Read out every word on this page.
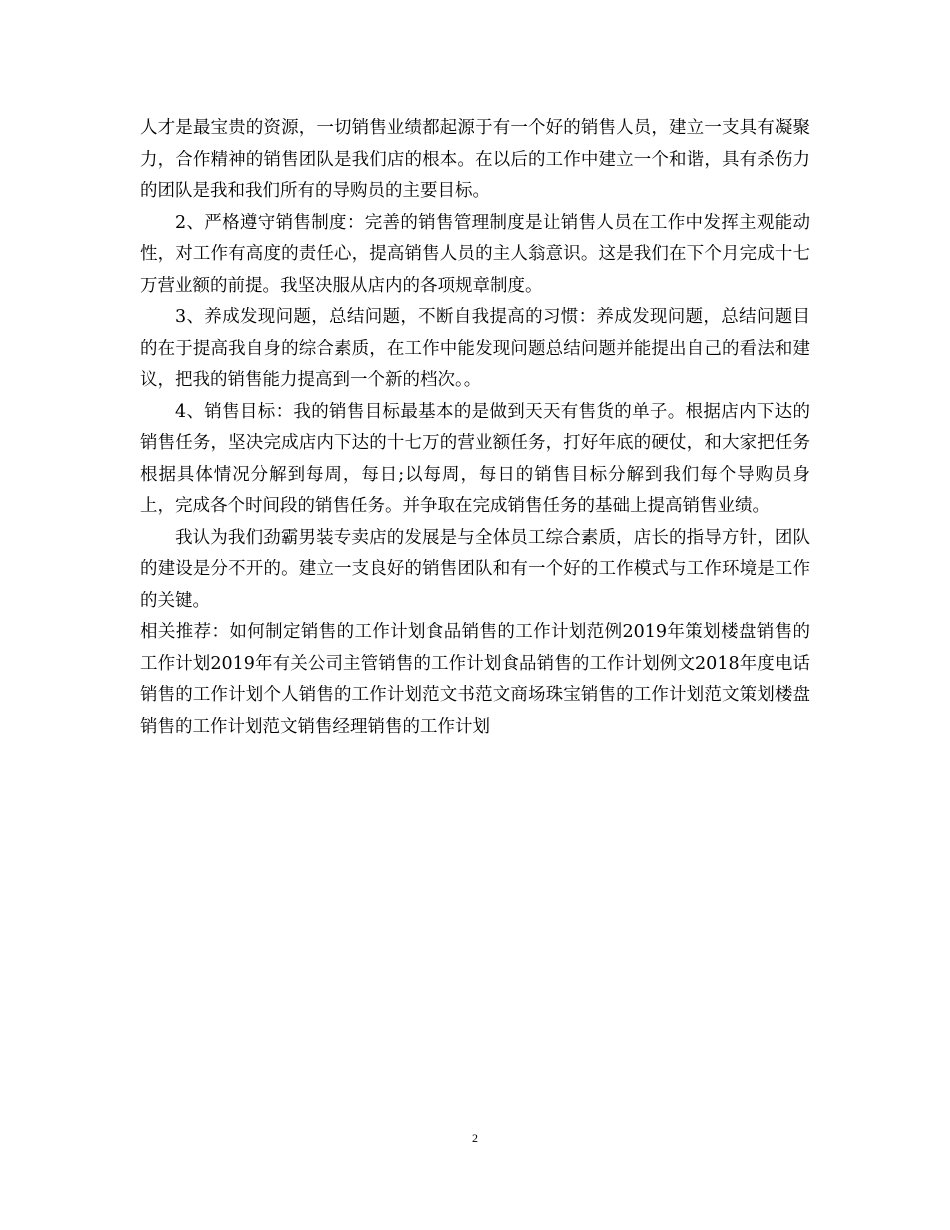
人才是最宝贵的资源，一切销售业绩都起源于有一个好的销售人员，建立一支具有凝聚力，合作精神的销售团队是我们店的根本。在以后的工作中建立一个和谐，具有杀伤力的团队是我和我们所有的导购员的主要目标。

2、严格遵守销售制度：完善的销售管理制度是让销售人员在工作中发挥主观能动性，对工作有高度的责任心，提高销售人员的主人翁意识。这是我们在下个月完成十七万营业额的前提。我坚决服从店内的各项规章制度。

3、养成发现问题，总结问题，不断自我提高的习惯：养成发现问题，总结问题目的在于提高我自身的综合素质，在工作中能发现问题总结问题并能提出自己的看法和建议，把我的销售能力提高到一个新的档次。。

4、销售目标：我的销售目标最基本的是做到天天有售货的单子。根据店内下达的销售任务，坚决完成店内下达的十七万的营业额任务，打好年底的硬仗，和大家把任务根据具体情况分解到每周，每日;以每周，每日的销售目标分解到我们每个导购员身上，完成各个时间段的销售任务。并争取在完成销售任务的基础上提高销售业绩。

我认为我们劲霸男装专卖店的发展是与全体员工综合素质，店长的指导方针，团队的建设是分不开的。建立一支良好的销售团队和有一个好的工作模式与工作环境是工作的关键。

相关推荐：如何制定销售的工作计划食品销售的工作计划范例2019年策划楼盘销售的工作计划2019年有关公司主管销售的工作计划食品销售的工作计划例文2018年度电话销售的工作计划个人销售的工作计划范文书范文商场珠宝销售的工作计划范文策划楼盘销售的工作计划范文销售经理销售的工作计划

2
